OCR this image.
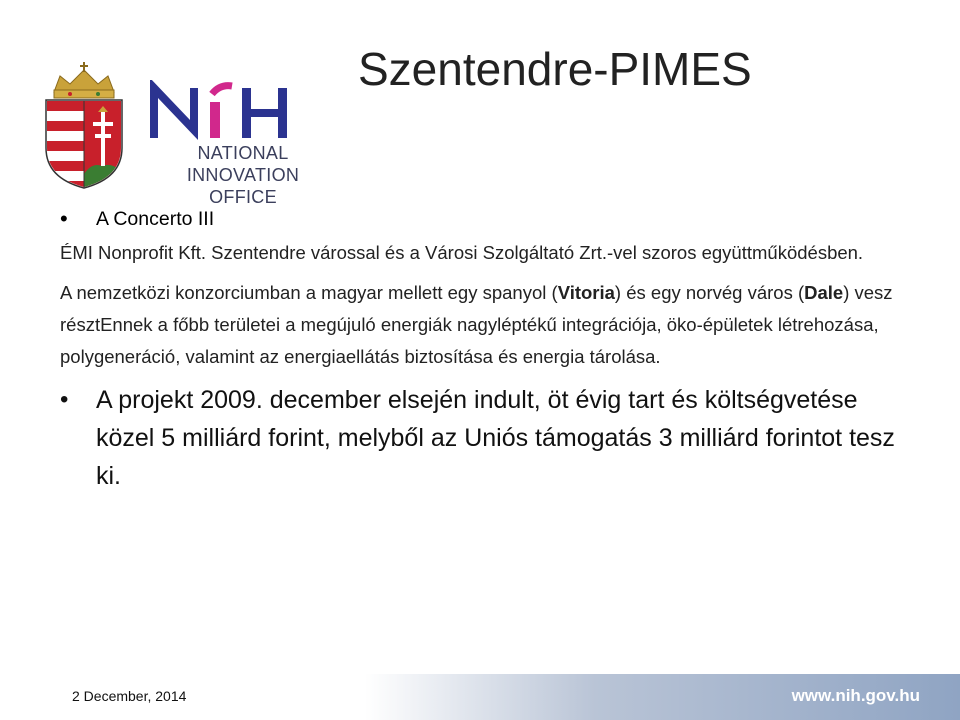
NATIONAL INNOVATION
OFFICE
Szentendre-PIMES

• A Concerto III

ÉMI Nonprofit Kft. Szentendre várossal és a Városi Szolgáltató Zrt.-vel szoros együttműködésben.

A nemzetközi konzorciumban a magyar mellett egy spanyol (Vitoria) és egy norvég város (Dale) vesz résztEnnek a főbb területei a megújuló energiák nagyléptékű integrációja, öko-épületek létrehozása, polygeneráció, valamint az energiaellátás biztosítása és energia tárolása.

• A projekt 2009. december elsején indult, öt évig tart és költségvetése közel 5 milliárd forint, melyből az Uniós támogatás 3 milliárd forintot tesz ki.

2 December, 2014	www.nih.gov.hu
